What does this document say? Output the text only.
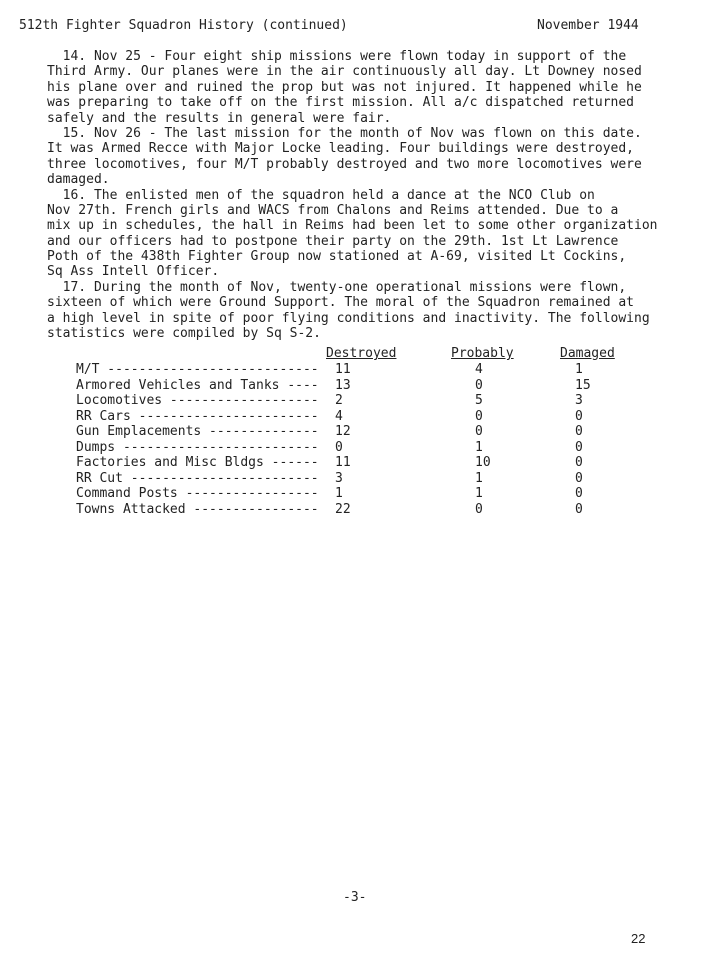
512th Fighter Squadron History (continued)	November 1944
14. Nov 25 - Four eight ship missions were flown today in support of the
Third Army. Our planes were in the air continuously all day. Lt Downey nosed
his plane over and ruined the prop but was not injured. It happened while he
was preparing to take off on the first mission. All a/c dispatched returned
safely and the results in general were fair.
15. Nov 26 - The last mission for the month of Nov was flown on this date.
It was Armed Recce with Major Locke leading. Four buildings were destroyed,
three locomotives, four M/T probably destroyed and two more locomotives were
damaged.
16. The enlisted men of the squadron held a dance at the NCO Club on
Nov 27th. French girls and WACS from Chalons and Reims attended. Due to a
mix up in schedules, the hall in Reims had been let to some other organization
and our officers had to postpone their party on the 29th. 1st Lt Lawrence
Poth of the 438th Fighter Group now stationed at A-69, visited Lt Cockins,
Sq Ass Intell Officer.
17. During the month of Nov, twenty-one operational missions were flown,
sixteen of which were Ground Support. The moral of the Squadron remained at
a high level in spite of poor flying conditions and inactivity. The following
statistics were compiled by Sq S-2.
Destroyed	Probably	Damaged
M/T --------------------------- 11	4	1
Armored Vehicles and Tanks ---- 13	0	15
Locomotives ------------------- 2	5	3
RR Cars ----------------------- 4	0	0
Gun Emplacements -------------- 12	0	0
Dumps ------------------------- 0	1	0
Factories and Misc Bldgs ------ 11	10	0
RR Cut ------------------------ 3	1	0
Command Posts ----------------- 1	1	0
Towns Attacked ---------------- 22	0	0
-3-
22
